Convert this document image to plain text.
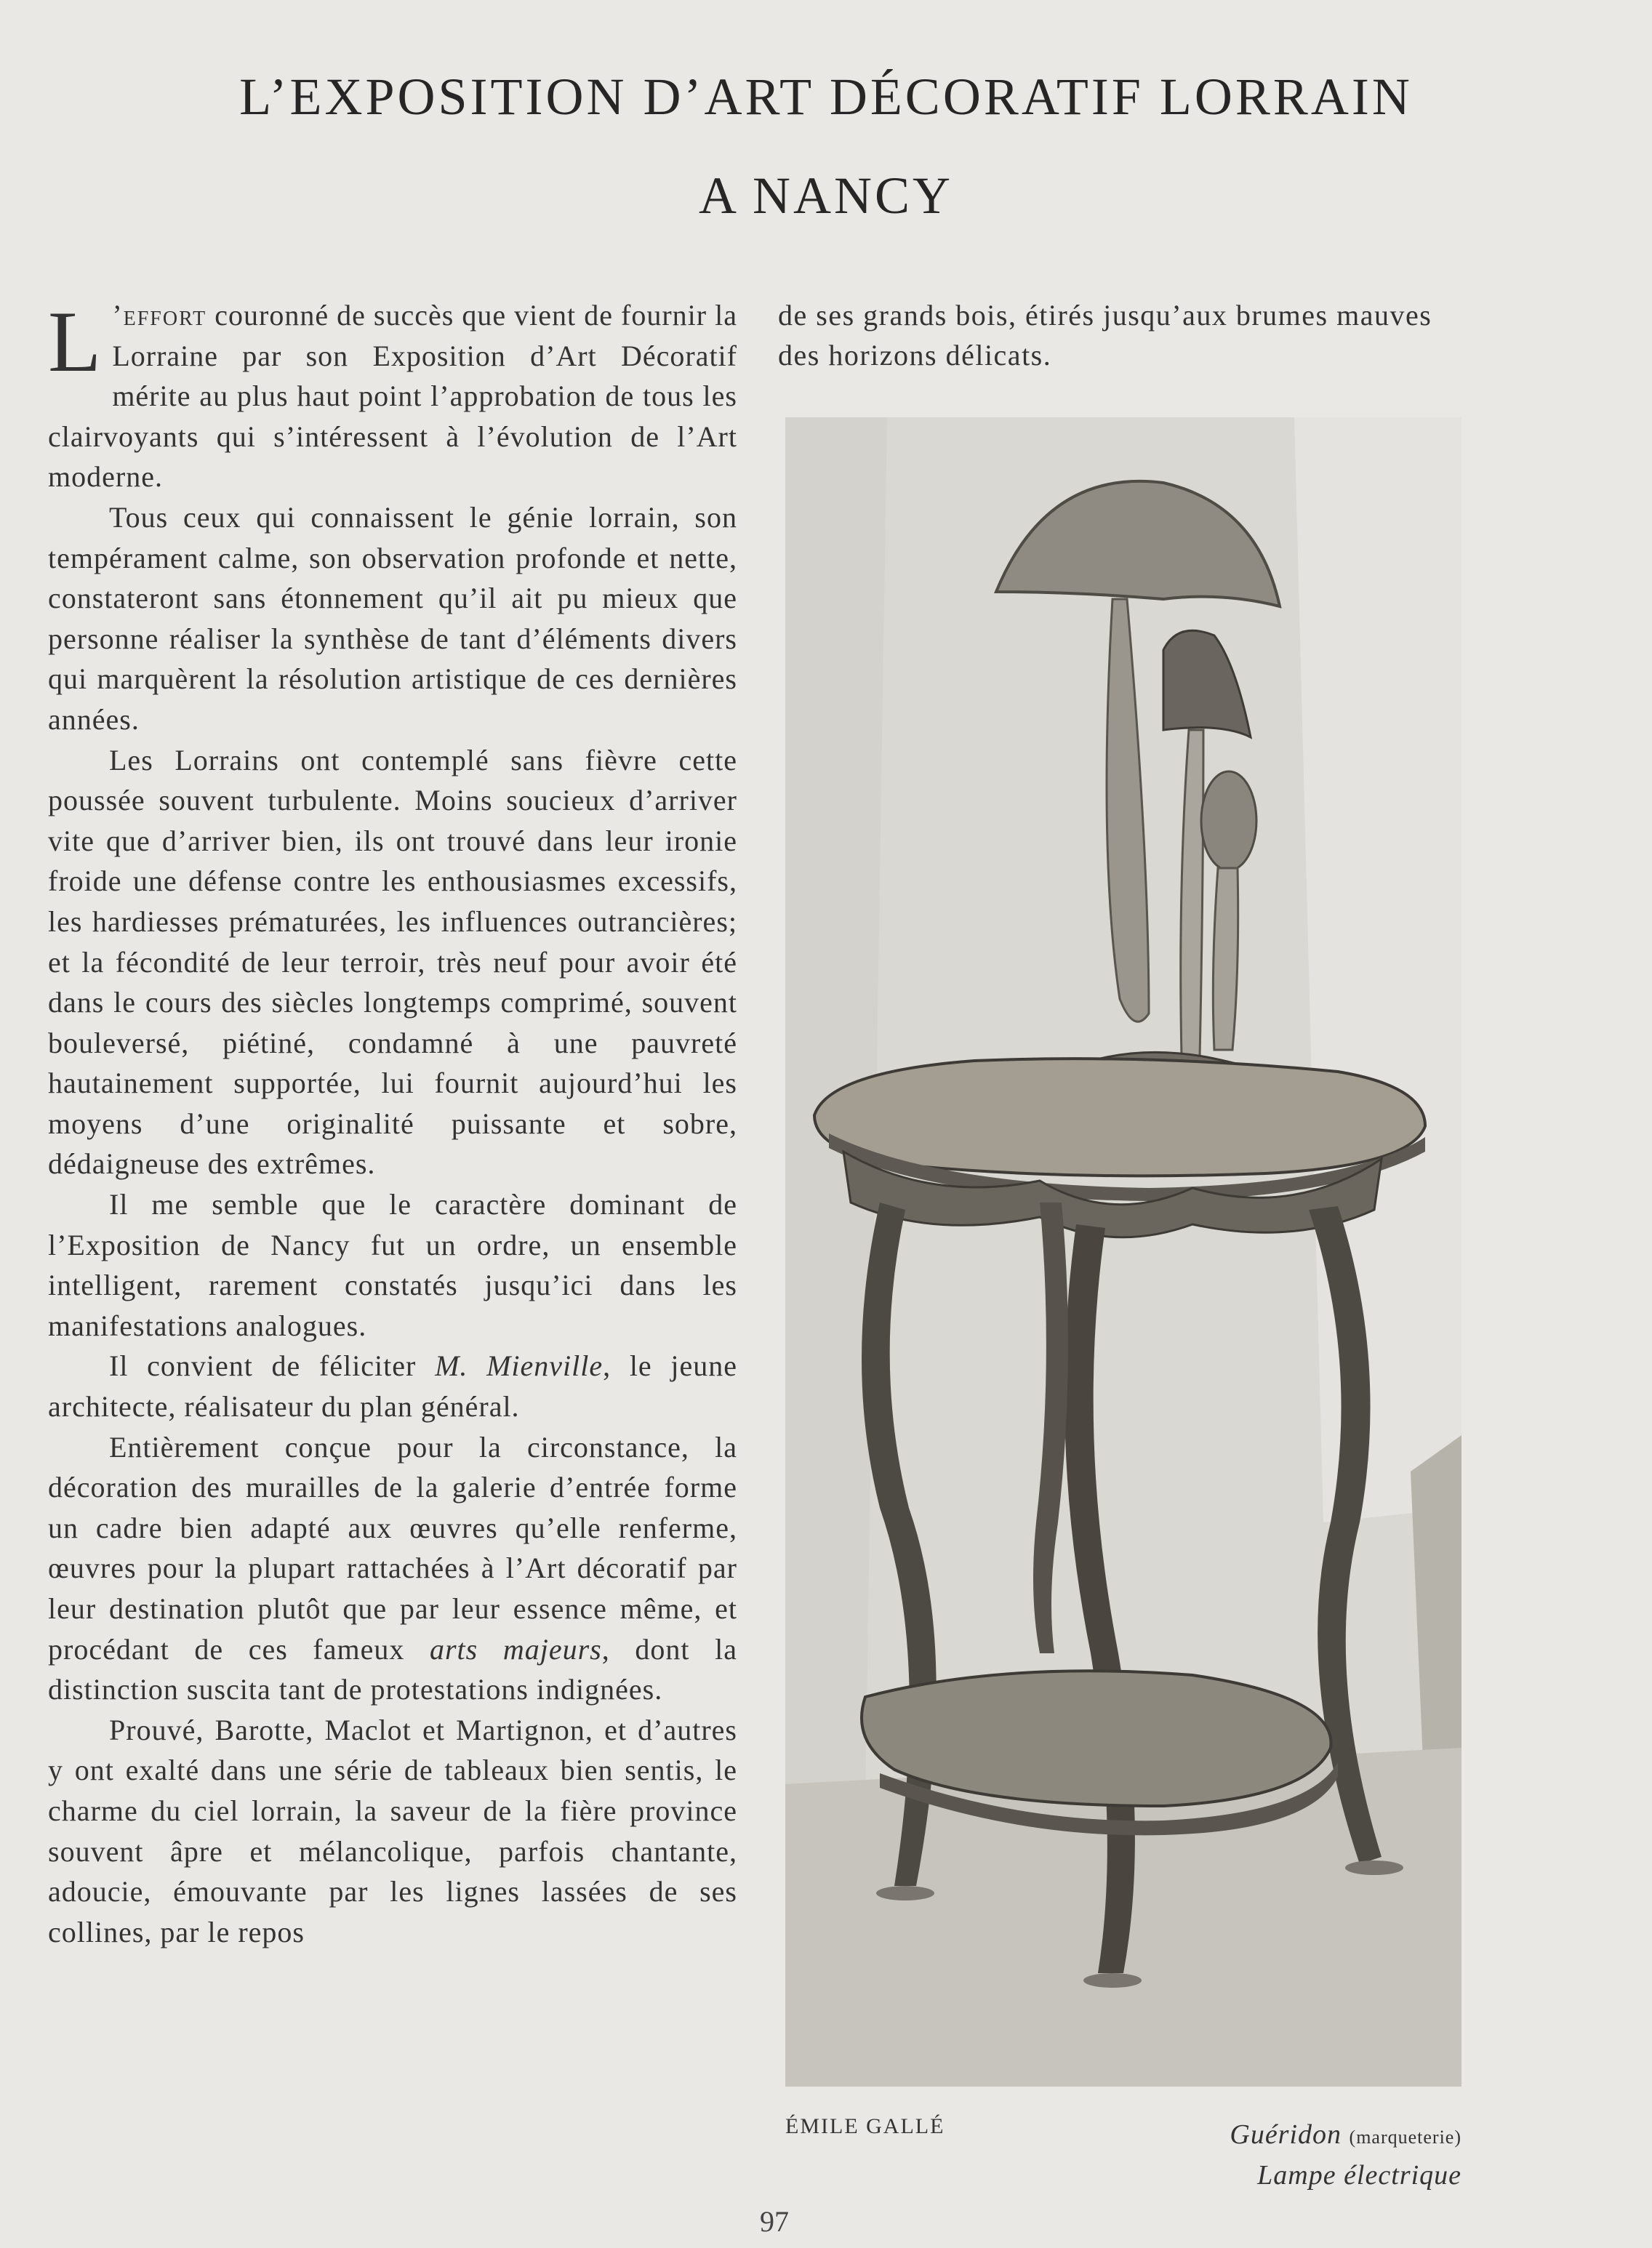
L’EXPOSITION D’ART DÉCORATIF LORRAIN
A NANCY

L ’effort couronné de succès que vient de fournir la Lorraine par son Exposition d’Art Décoratif mérite au plus haut point l’approbation de tous les clairvoyants qui s’intéressent à l’évolution de l’Art moderne.

Tous ceux qui connaissent le génie lorrain, son tempérament calme, son observation profonde et nette, constateront sans étonnement qu’il ait pu mieux que personne réaliser la synthèse de tant d’éléments divers qui marquèrent la résolution artistique de ces dernières années.

Les Lorrains ont contemplé sans fièvre cette poussée souvent turbulente. Moins soucieux d’arriver vite que d’arriver bien, ils ont trouvé dans leur ironie froide une défense contre les enthousiasmes excessifs, les hardiesses prématurées, les influences outrancières; et la fécondité de leur terroir, très neuf pour avoir été dans le cours des siècles longtemps comprimé, souvent bouleversé, piétiné, condamné à une pauvreté hautainement supportée, lui fournit aujourd’hui les moyens d’une originalité puissante et sobre, dédaigneuse des extrêmes.

Il me semble que le caractère dominant de l’Exposition de Nancy fut un ordre, un ensemble intelligent, rarement constatés jusqu’ici dans les manifestations analogues.

Il convient de féliciter M. Mienville, le jeune architecte, réalisateur du plan général.

Entièrement conçue pour la circonstance, la décoration des murailles de la galerie d’entrée forme un cadre bien adapté aux œuvres qu’elle renferme, œuvres pour la plupart rattachées à l’Art décoratif par leur destination plutôt que par leur essence même, et procédant de ces fameux arts majeurs, dont la distinction suscita tant de protestations indignées.

Prouvé, Barotte, Maclot et Martignon, et d’autres y ont exalté dans une série de tableaux bien sentis, le charme du ciel lorrain, la saveur de la fière province souvent âpre et mélancolique, parfois chantante, adoucie, émouvante par les lignes lassées de ses collines, par le repos

de ses grands bois, étirés jusqu’aux brumes mauves des horizons délicats.

ÉMILE GALLÉ	Guéridon (marqueterie)
Lampe électrique
97
